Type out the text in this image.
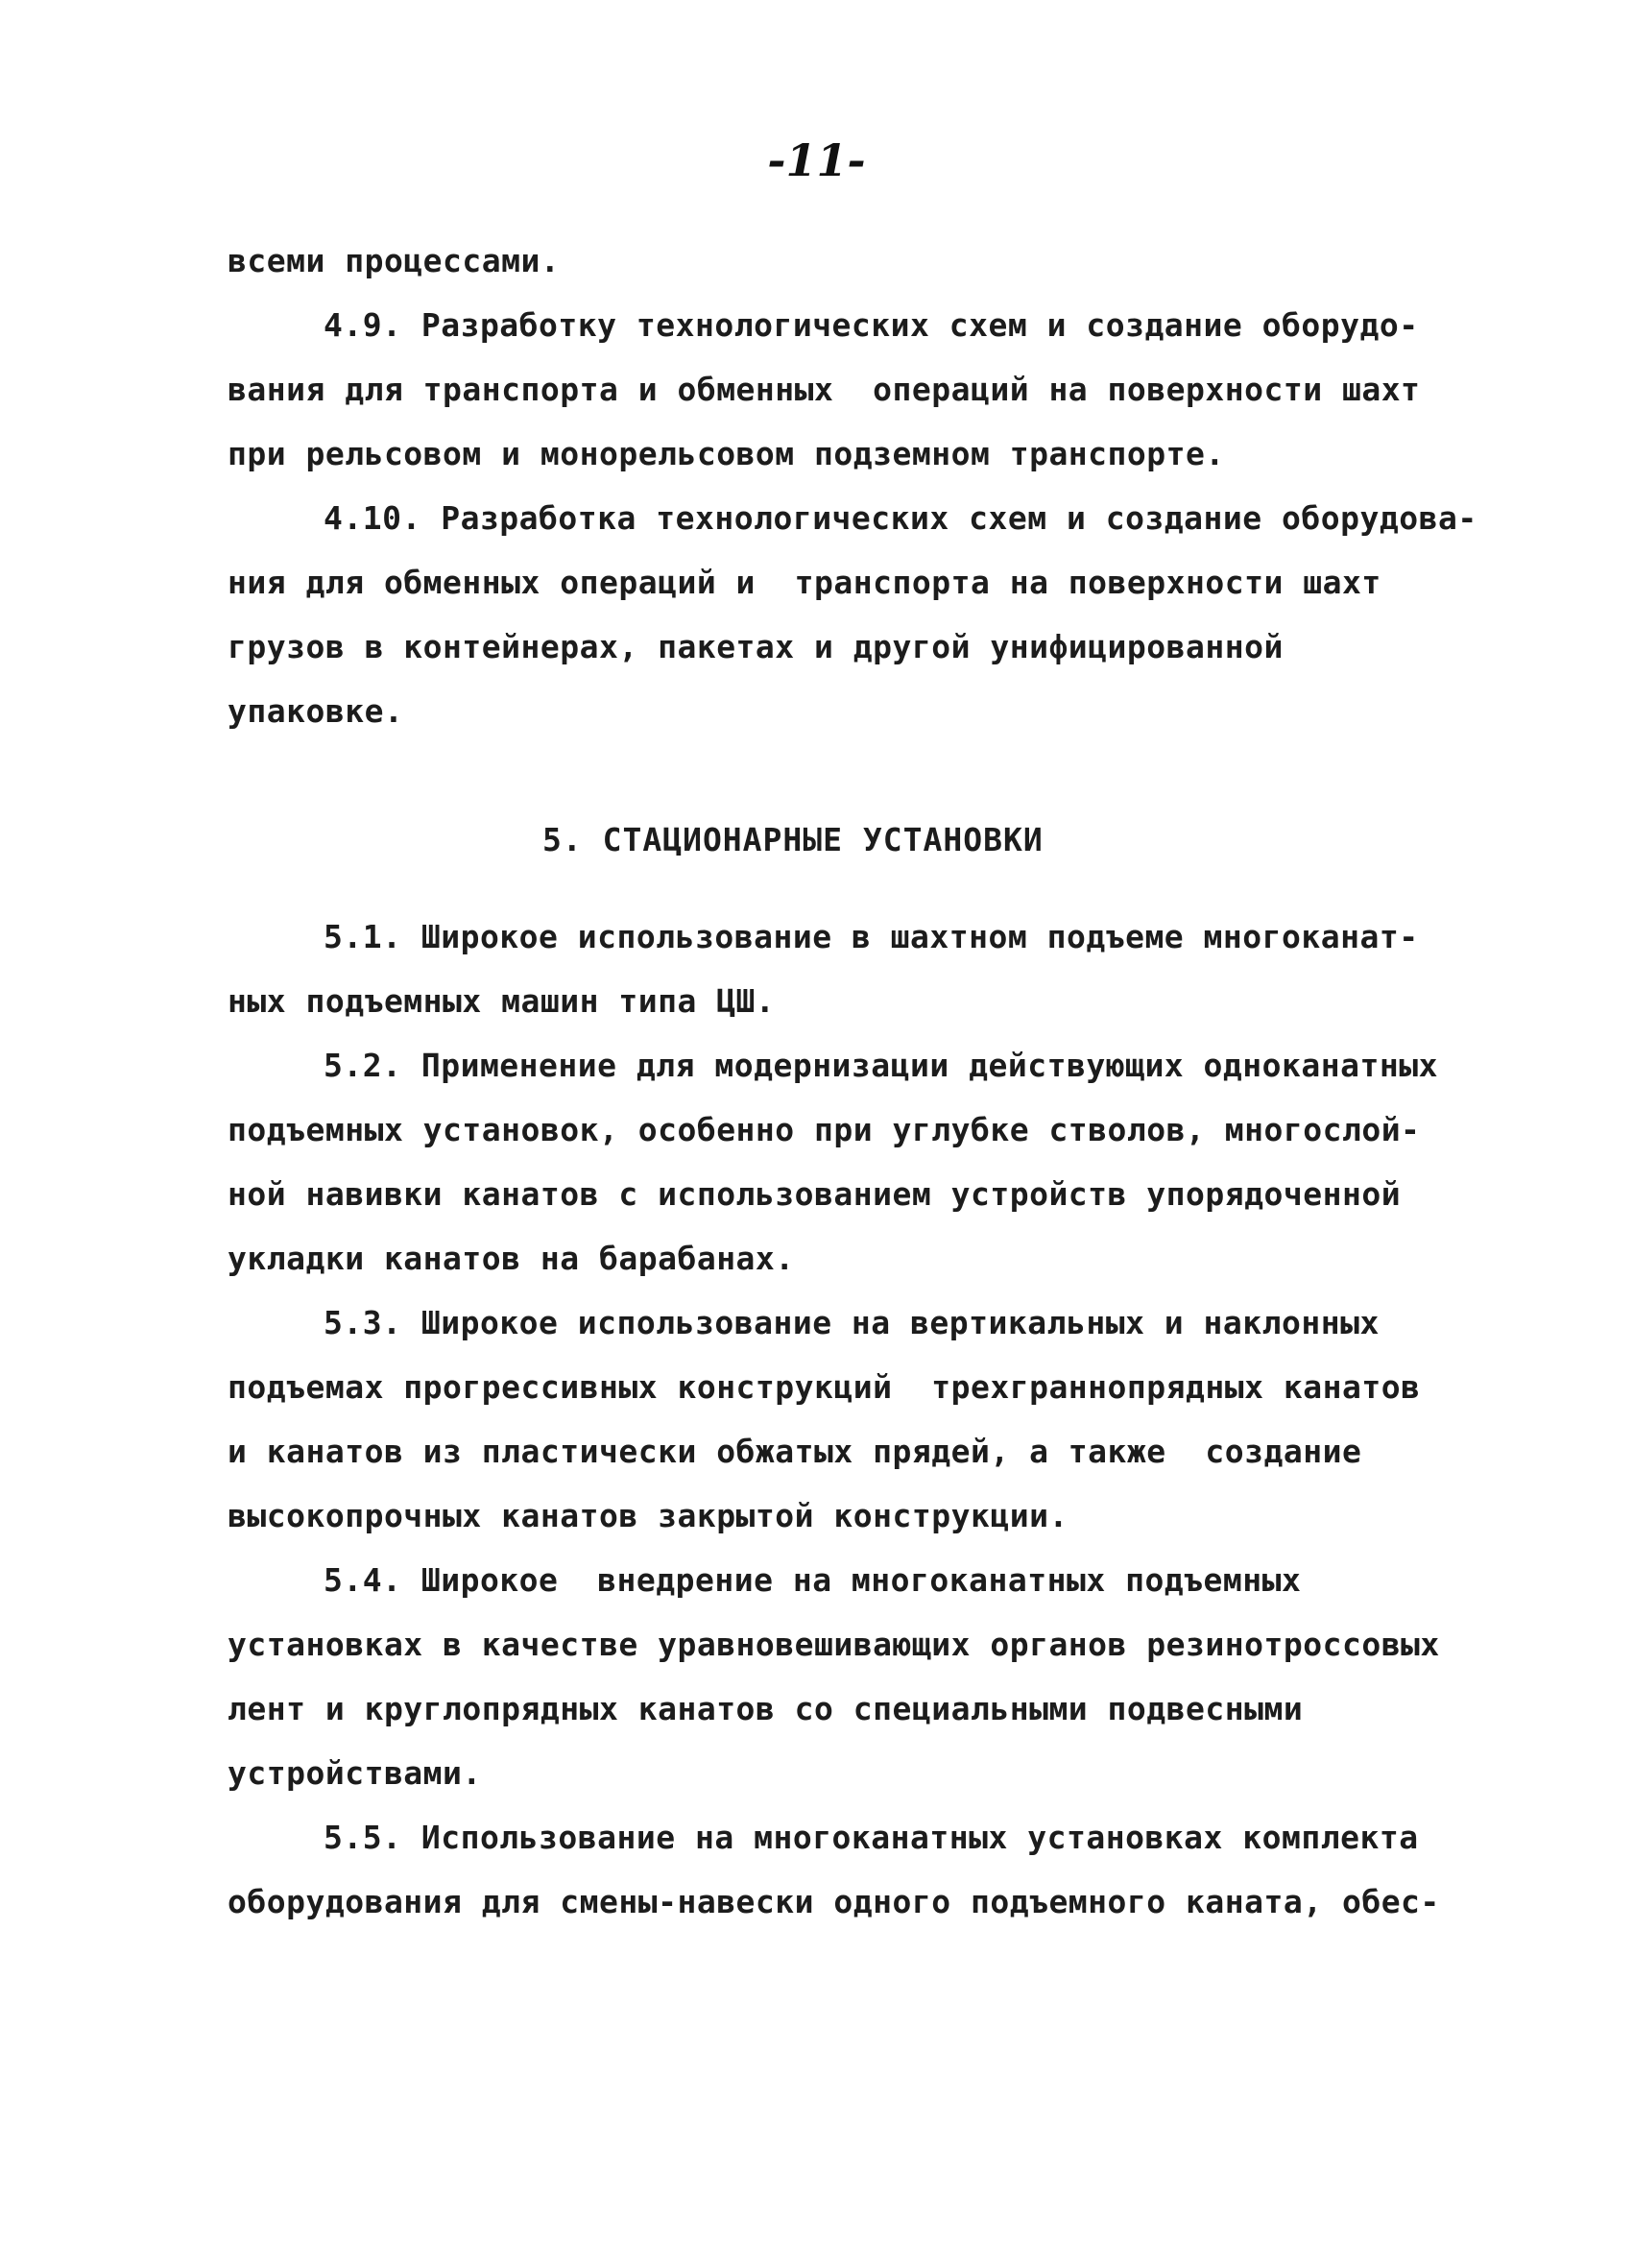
-11-
всеми процессами.
4.9. Разработку технологических схем и создание оборудо-
вания для транспорта и обменных  операций на поверхности шахт
при рельсовом и монорельсовом подземном транспорте.
4.10. Разработка технологических схем и создание оборудова-
ния для обменных операций и  транспорта на поверхности шахт
грузов в контейнерах, пакетах и другой унифицированной
упаковке.
5. СТАЦИОНАРНЫЕ УСТАНОВКИ
5.1. Широкое использование в шахтном подъеме многоканат-
ных подъемных машин типа ЦШ.
5.2. Применение для модернизации действующих одноканатных
подъемных установок, особенно при углубке стволов, многослой-
ной навивки канатов с использованием устройств упорядоченной
укладки канатов на барабанах.
5.3. Широкое использование на вертикальных и наклонных
подъемах прогрессивных конструкций  трехграннопрядных канатов
и канатов из пластически обжатых прядей, а также  создание
высокопрочных канатов закрытой конструкции.
5.4. Широкое  внедрение на многоканатных подъемных
установках в качестве уравновешивающих органов резинотроссовых
лент и круглопрядных канатов со специальными подвесными
устройствами.
5.5. Использование на многоканатных установках комплекта
оборудования для смены-навески одного подъемного каната, обес-
